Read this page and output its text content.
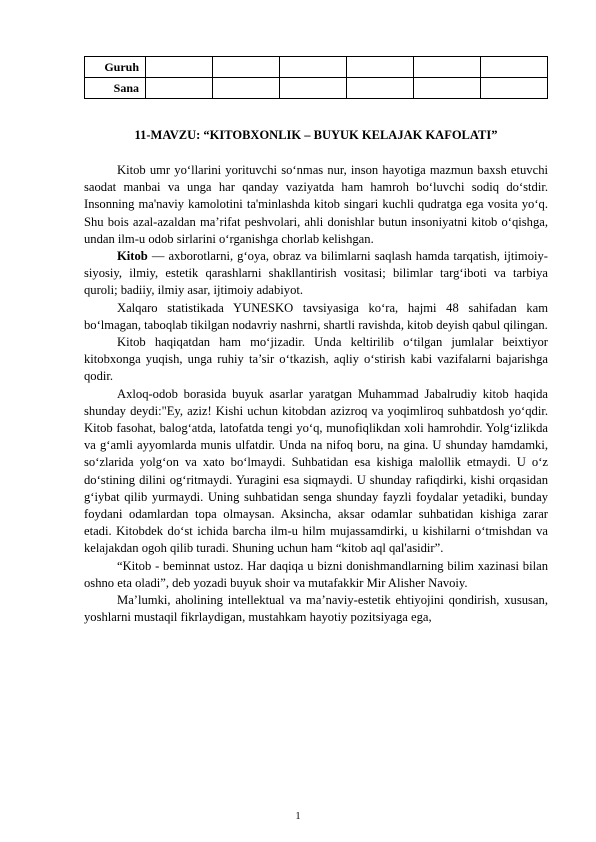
Guruh						
Sana						
11-MAVZU: “KITOBXONLIK – BUYUK KELAJAK KAFOLATI”

Kitob umr yo‘llarini yorituvchi so‘nmas nur, inson hayotiga mazmun baxsh etuvchi saodat manbai va unga har qanday vaziyatda ham hamroh bo‘luvchi sodiq do‘stdir. Insonning ma'naviy kamolotini ta'minlashda kitob singari kuchli qudratga ega vosita yo‘q. Shu bois azal-azaldan ma’rifat peshvolari, ahli donishlar butun insoniyatni kitob o‘qishga, undan ilm-u odob sirlarini o‘rganishga chorlab kelishgan.

Kitob — axborotlarni, g‘oya, obraz va bilimlarni saqlash hamda tarqatish, ijtimoiy-siyosiy, ilmiy, estetik qarashlarni shakllantirish vositasi; bilimlar targ‘iboti va tarbiya quroli; badiiy, ilmiy asar, ijtimoiy adabiyot.

Xalqaro statistikada YUNESKO tavsiyasiga ko‘ra, hajmi 48 sahifadan kam bo‘lmagan, taboqlab tikilgan nodavriy nashrni, shartli ravishda, kitob deyish qabul qilingan.

Kitob haqiqatdan ham mo‘jizadir. Unda keltirilib o‘tilgan jumlalar beixtiyor kitobxonga yuqish, unga ruhiy ta’sir o‘tkazish, aqliy o‘stirish kabi vazifalarni bajarishga qodir.

Axloq-odob borasida buyuk asarlar yaratgan Muhammad Jabalrudiy kitob haqida shunday deydi:"Ey, aziz! Kishi uchun kitobdan azizroq va yoqimliroq suhbatdosh yo‘qdir. Kitob fasohat, balog‘atda, latofatda tengi yo‘q, munofiqlikdan xoli hamrohdir. Yolg‘izlikda va g‘amli ayyomlarda munis ulfatdir. Unda na nifoq boru, na gina. U shunday hamdamki, so‘zlarida yolg‘on va xato bo‘lmaydi. Suhbatidan esa kishiga malollik etmaydi. U o‘z do‘stining dilini og‘ritmaydi. Yuragini esa siqmaydi. U shunday rafiqdirki, kishi orqasidan g‘iybat qilib yurmaydi. Uning suhbatidan senga shunday fayzli foydalar yetadiki, bunday foydani odamlardan topa olmaysan. Aksincha, aksar odamlar suhbatidan kishiga zarar etadi. Kitobdek do‘st ichida barcha ilm-u hilm mujassamdirki, u kishilarni o‘tmishdan va kelajakdan ogoh qilib turadi. Shuning uchun ham “kitob aql qal'asidir”.

“Kitob - beminnat ustoz. Har daqiqa u bizni donishmandlarning bilim xazinasi bilan oshno eta oladi”, deb yozadi buyuk shoir va mutafakkir Mir Alisher Navoiy.

Ma’lumki, aholining intellektual va ma’naviy-estetik ehtiyojini qondirish, xususan, yoshlarni mustaqil fikrlaydigan, mustahkam hayotiy pozitsiyaga ega,

1
